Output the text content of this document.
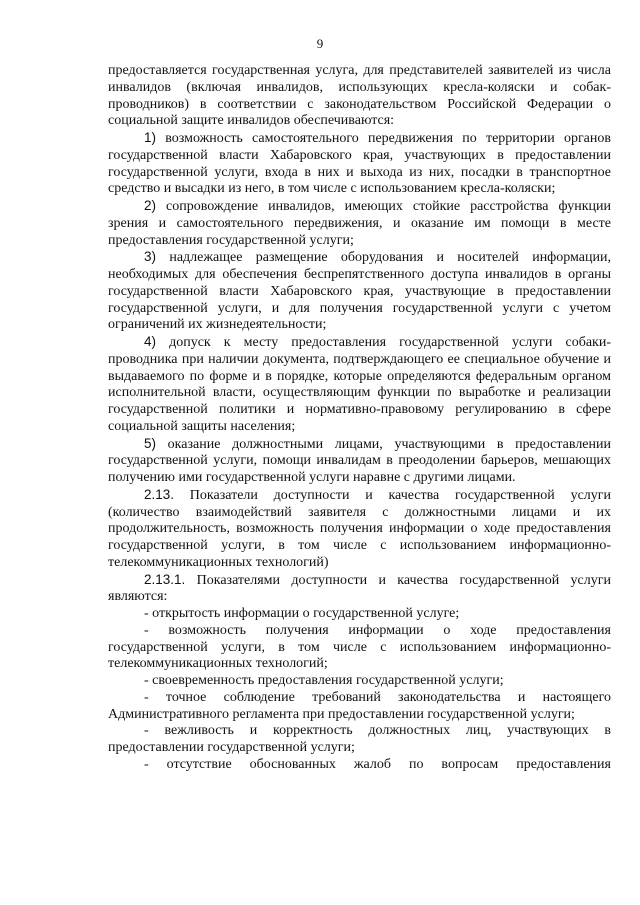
9

предоставляется государственная услуга, для представителей заявителей из числа инвалидов (включая инвалидов, использующих кресла-коляски и собак-проводников) в соответствии с законодательством Российской Федерации о социальной защите инвалидов обеспечиваются:

1) возможность самостоятельного передвижения по территории органов государственной власти Хабаровского края, участвующих в предоставлении государственной услуги, входа в них и выхода из них, посадки в транспортное средство и высадки из него, в том числе с использованием кресла-коляски;

2) сопровождение инвалидов, имеющих стойкие расстройства функции зрения и самостоятельного передвижения, и оказание им помощи в месте предоставления государственной услуги;

3) надлежащее размещение оборудования и носителей информации, необходимых для обеспечения беспрепятственного доступа инвалидов в органы государственной власти Хабаровского края, участвующие в предоставлении государственной услуги, и для получения государственной услуги с учетом ограничений их жизнедеятельности;

4) допуск к месту предоставления государственной услуги собаки-проводника при наличии документа, подтверждающего ее специальное обучение и выдаваемого по форме и в порядке, которые определяются федеральным органом исполнительной власти, осуществляющим функции по выработке и реализации государственной политики и нормативно-правовому регулированию в сфере социальной защиты населения;

5) оказание должностными лицами, участвующими в предоставлении государственной услуги, помощи инвалидам в преодолении барьеров, мешающих получению ими государственной услуги наравне с другими лицами.

2.13. Показатели доступности и качества государственной услуги (количество взаимодействий заявителя с должностными лицами и их продолжительность, возможность получения информации о ходе предоставления государственной услуги, в том числе с использованием информационно-телекоммуникационных технологий)

2.13.1. Показателями доступности и качества государственной услуги являются:

- открытость информации о государственной услуге;

- возможность получения информации о ходе предоставления государственной услуги, в том числе с использованием информационно-телекоммуникационных технологий;

- своевременность предоставления государственной услуги;

- точное соблюдение требований законодательства и настоящего Административного регламента при предоставлении государственной услуги;

- вежливость и корректность должностных лиц, участвующих в предоставлении государственной услуги;

- отсутствие обоснованных жалоб по вопросам предоставления
